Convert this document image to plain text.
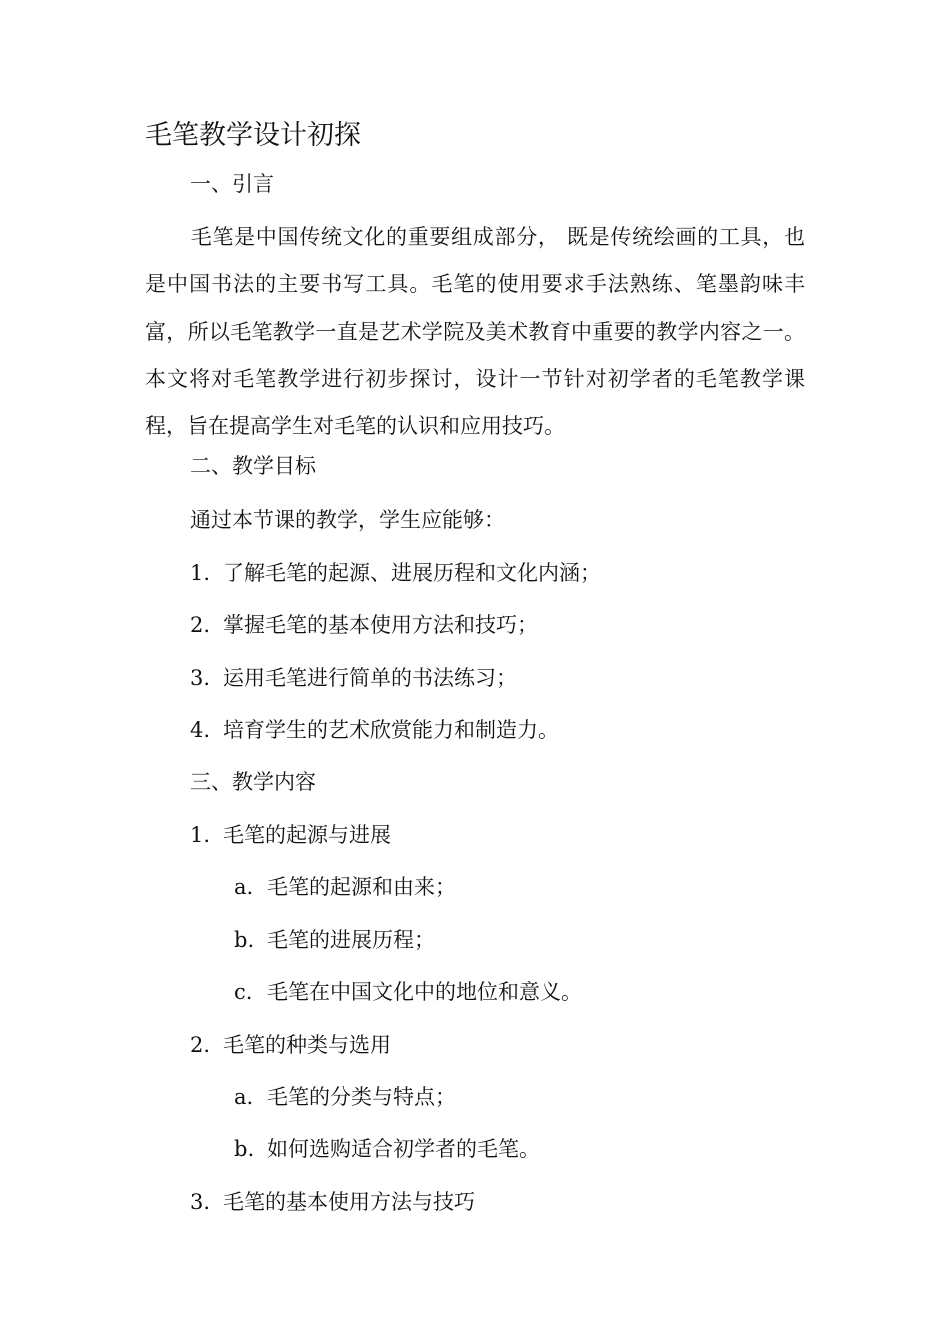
毛笔教学设计初探
一、引言
毛笔是中国传统文化的重要组成部分， 既是传统绘画的工具，也是中国书法的主要书写工具。毛笔的使用要求手法熟练、笔墨韵味丰富，所以毛笔教学一直是艺术学院及美术教育中重要的教学内容之一。本文将对毛笔教学进行初步探讨，设计一节针对初学者的毛笔教学课程，旨在提高学生对毛笔的认识和应用技巧。
二、教学目标
通过本节课的教学，学生应能够：
1. 了解毛笔的起源、进展历程和文化内涵；
2. 掌握毛笔的基本使用方法和技巧；
3. 运用毛笔进行简单的书法练习；
4. 培育学生的艺术欣赏能力和制造力。
三、教学内容
1. 毛笔的起源与进展
a. 毛笔的起源和由来；
b. 毛笔的进展历程；
c. 毛笔在中国文化中的地位和意义。
2. 毛笔的种类与选用
a. 毛笔的分类与特点；
b. 如何选购适合初学者的毛笔。
3. 毛笔的基本使用方法与技巧
